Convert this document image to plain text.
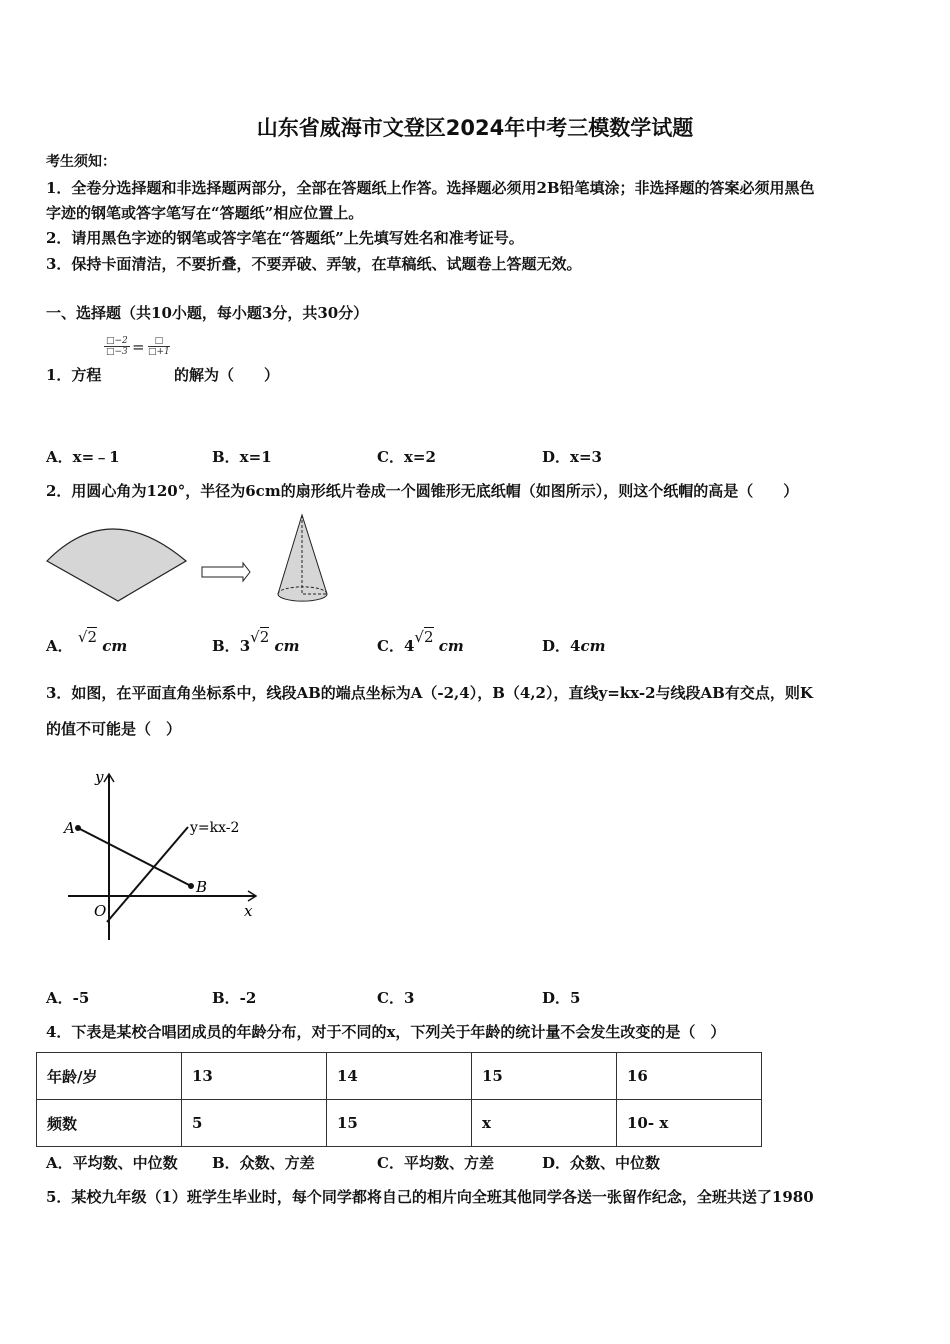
山东省威海市文登区2024年中考三模数学试题
考生须知：
1．全卷分选择题和非选择题两部分，全部在答题纸上作答。选择题必须用2B铅笔填涂；非选择题的答案必须用黑色
字迹的钢笔或答字笔写在“答题纸”相应位置上。
2．请用黑色字迹的钢笔或答字笔在“答题纸”上先填写姓名和准考证号。
3．保持卡面清洁，不要折叠，不要弄破、弄皱，在草稿纸、试题卷上答题无效。
一、选择题（共10小题，每小题3分，共30分）
$\frac{□-2}{□-3}$ =	□
□+1
1．方程	的解为（　　）
A．x=﹣1	B．x=1	C．x=2	D．x=3
2．用圆心角为120°，半径为6cm的扇形纸片卷成一个圆锥形无底纸帽（如图所示），则这个纸帽的高是（　　）
A． √2 cm	B．3√2 cm	C．4√2 cm	D．4cm
3．如图，在平面直角坐标系中，线段AB的端点坐标为A（-2,4），B（4,2），直线y=kx-2与线段AB有交点，则K
的值不可能是（　）
y
x
O
A
B
y=kx-2
A．-5	B．-2	C．3	D．5
4．下表是某校合唱团成员的年龄分布，对于不同的x，下列关于年龄的统计量不会发生改变的是（　）
年龄/岁	13	14	15	16
频数	5	15	x	10- x
A．平均数、中位数 B．众数、方差	C．平均数、方差	D．众数、中位数
5．某校九年级（1）班学生毕业时，每个同学都将自己的相片向全班其他同学各送一张留作纪念，全班共送了1980
